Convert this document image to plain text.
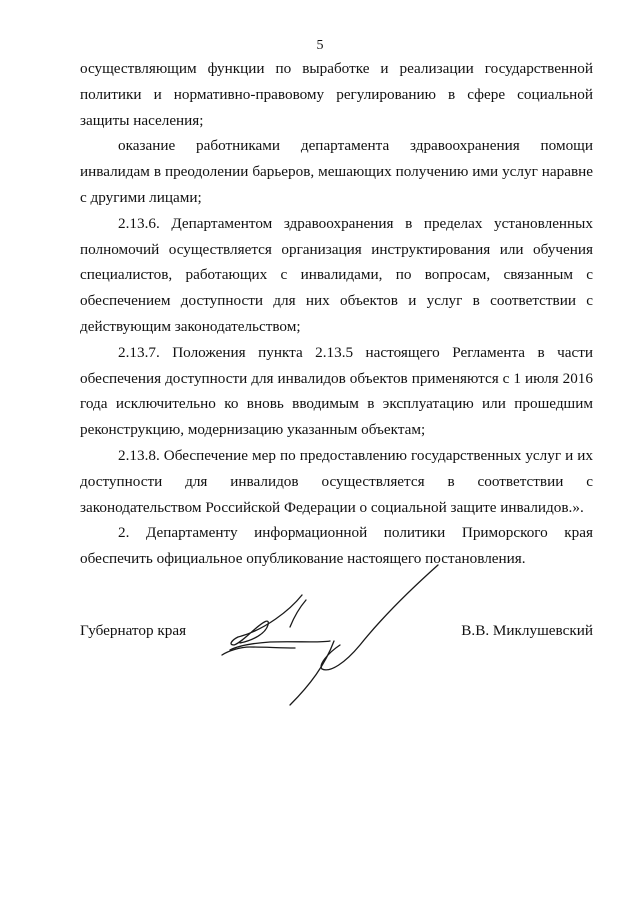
5

осуществляющим функции по выработке и реализации государственной политики и нормативно-правовому регулированию в сфере социальной защиты населения;

оказание работниками департамента здравоохранения помощи инвалидам в преодолении барьеров, мешающих получению ими услуг наравне с другими лицами;

2.13.6. Департаментом здравоохранения в пределах установленных полномочий осуществляется организация инструктирования или обучения специалистов, работающих с инвалидами, по вопросам, связанным с обеспечением доступности для них объектов и услуг в соответствии с действующим законодательством;

2.13.7. Положения пункта 2.13.5 настоящего Регламента в части обеспечения доступности для инвалидов объектов применяются с 1 июля 2016 года исключительно ко вновь вводимым в эксплуатацию или прошедшим реконструкцию, модернизацию указанным объектам;

2.13.8. Обеспечение мер по предоставлению государственных услуг и их доступности для инвалидов осуществляется в соответствии с законодательством Российской Федерации о социальной защите инвалидов.».

2. Департаменту информационной политики Приморского края обеспечить официальное опубликование настоящего постановления.

Губернатор края	В.В. Миклушевский
